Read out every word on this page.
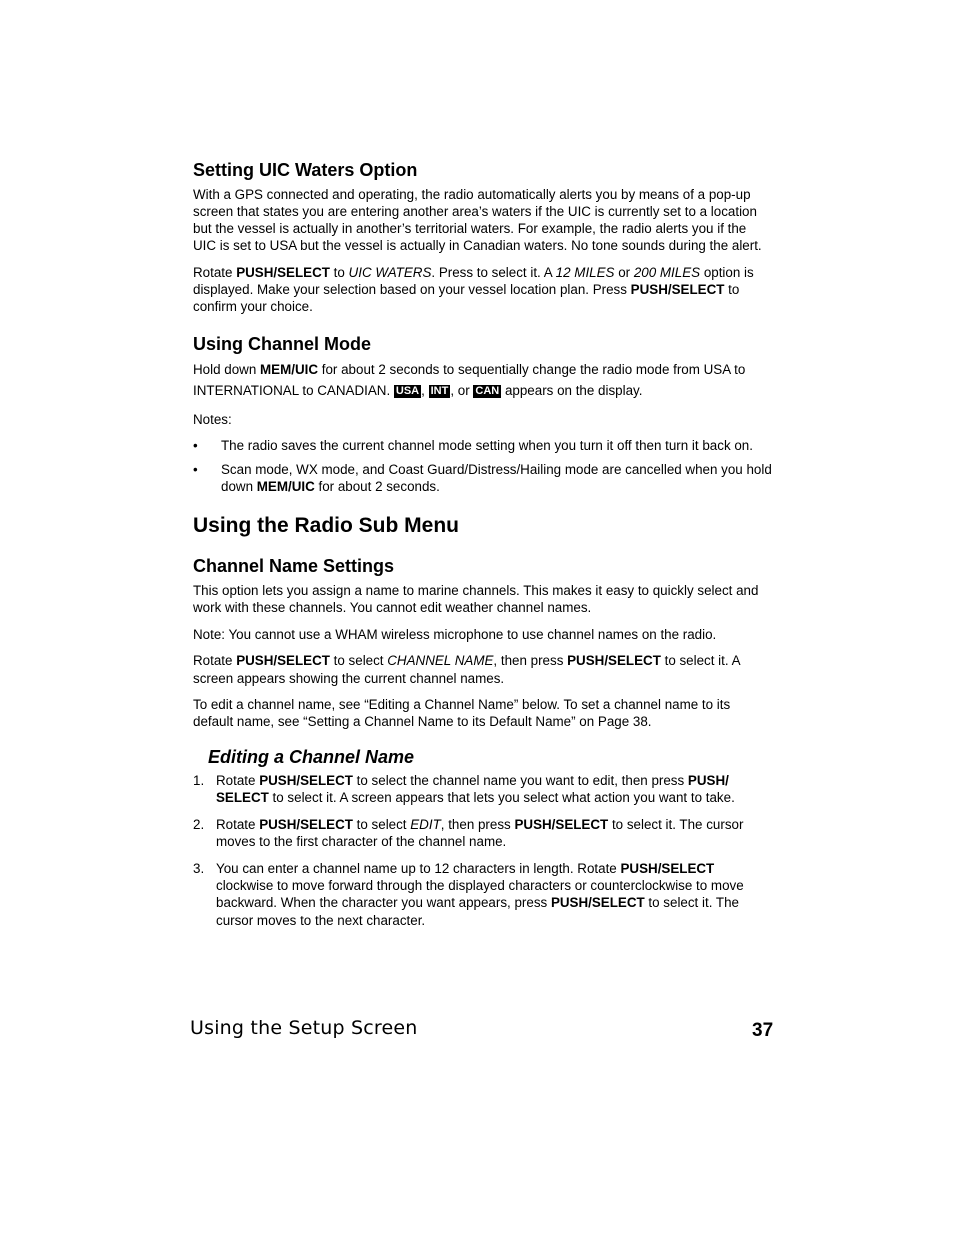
Setting UIC Waters Option

With a GPS connected and operating, the radio automatically alerts you by means of a pop-up screen that states you are entering another area’s waters if the UIC is currently set to a location but the vessel is actually in another’s territorial waters. For example, the radio alerts you if the UIC is set to USA but the vessel is actually in Canadian waters. No tone sounds during the alert.

Rotate PUSH/SELECT to UIC WATERS. Press to select it. A 12 MILES or 200 MILES option is displayed. Make your selection based on your vessel location plan. Press PUSH/SELECT to confirm your choice.

Using Channel Mode

Hold down MEM/UIC for about 2 seconds to sequentially change the radio mode from USA to INTERNATIONAL to CANADIAN. USA , INT , or CAN appears on the display.

Notes:

• The radio saves the current channel mode setting when you turn it off then turn it back on.
• Scan mode, WX mode, and Coast Guard/Distress/Hailing mode are cancelled when you hold down MEM/UIC for about 2 seconds.
Using the Radio Sub Menu
Channel Name Settings

This option lets you assign a name to marine channels. This makes it easy to quickly select and work with these channels. You cannot edit weather channel names.

Note: You cannot use a WHAM wireless microphone to use channel names on the radio.

Rotate PUSH/SELECT to select CHANNEL NAME, then press PUSH/SELECT to select it. A screen appears showing the current channel names.

To edit a channel name, see “Editing a Channel Name” below. To set a channel name to its default name, see “Setting a Channel Name to its Default Name” on Page 38.

Editing a Channel Name
1. Rotate PUSH/SELECT to select the channel name you want to edit, then press PUSH/ SELECT to select it. A screen appears that lets you select what action you want to take.
2. Rotate PUSH/SELECT to select EDIT, then press PUSH/SELECT to select it. The cursor moves to the first character of the channel name.
3. You can enter a channel name up to 12 characters in length. Rotate PUSH/SELECT clockwise to move forward through the displayed characters or counterclockwise to move backward. When the character you want appears, press PUSH/SELECT to select it. The cursor moves to the next character.
Using the Setup Screen	37
